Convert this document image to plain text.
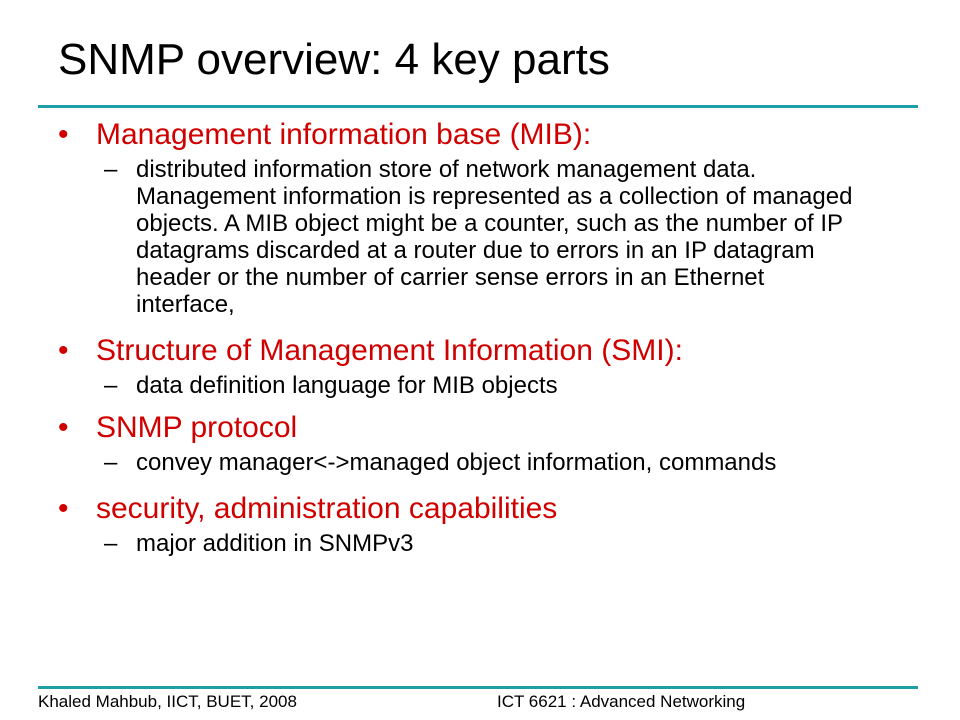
SNMP overview: 4 key parts
• Management information base (MIB):
– distributed information store of network management data. Management information is represented as a collection of managed objects. A MIB object might be a counter, such as the number of IP datagrams discarded at a router due to errors in an IP datagram header or the number of carrier sense errors in an Ethernet interface,
• Structure of Management Information (SMI):
– data definition language for MIB objects
• SNMP protocol
– convey manager<->managed object information, commands
• security, administration capabilities
– major addition in SNMPv3
Khaled Mahbub, IICT, BUET, 2008	ICT 6621 : Advanced Networking
